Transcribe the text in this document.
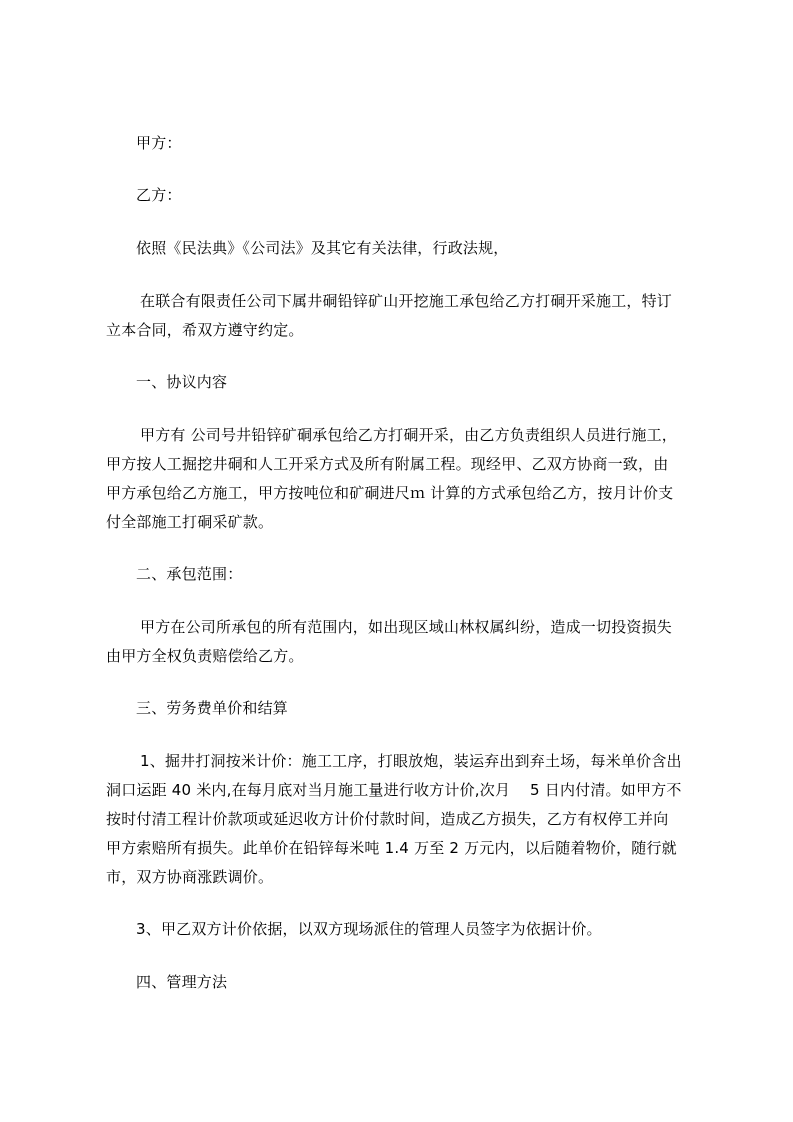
甲方：
乙方：
依照《民法典》《公司法》及其它有关法律，行政法规，
在联合有限责任公司下属井硐铅锌矿山开挖施工承包给乙方打硐开采施工，特订
立本合同，希双方遵守约定。
一、协议内容
甲方有 公司号井铅锌矿硐承包给乙方打硐开采，由乙方负责组织人员进行施工，
甲方按人工掘挖井硐和人工开采方式及所有附属工程。现经甲、乙双方协商一致，由
甲方承包给乙方施工，甲方按吨位和矿硐进尺ｍ 计算的方式承包给乙方，按月计价支
付全部施工打硐采矿款。
二、承包范围：
甲方在公司所承包的所有范围内，如出现区域山林权属纠纷，造成一切投资损失
由甲方全权负责赔偿给乙方。
三、劳务费单价和结算
1、掘井打洞按米计价：施工工序，打眼放炮，装运弃出到弃土场，每米单价含出
洞口运距 40 米内,在每月底对当月施工量进行收方计价,次月    5 日内付清。如甲方不
按时付清工程计价款项或延迟收方计价付款时间，造成乙方损失，乙方有权停工并向
甲方索赔所有损失。此单价在铅锌每米吨 1.4 万至 2 万元内，以后随着物价，随行就
市，双方协商涨跌调价。
3、甲乙双方计价依据，以双方现场派住的管理人员签字为依据计价。
四、管理方法
